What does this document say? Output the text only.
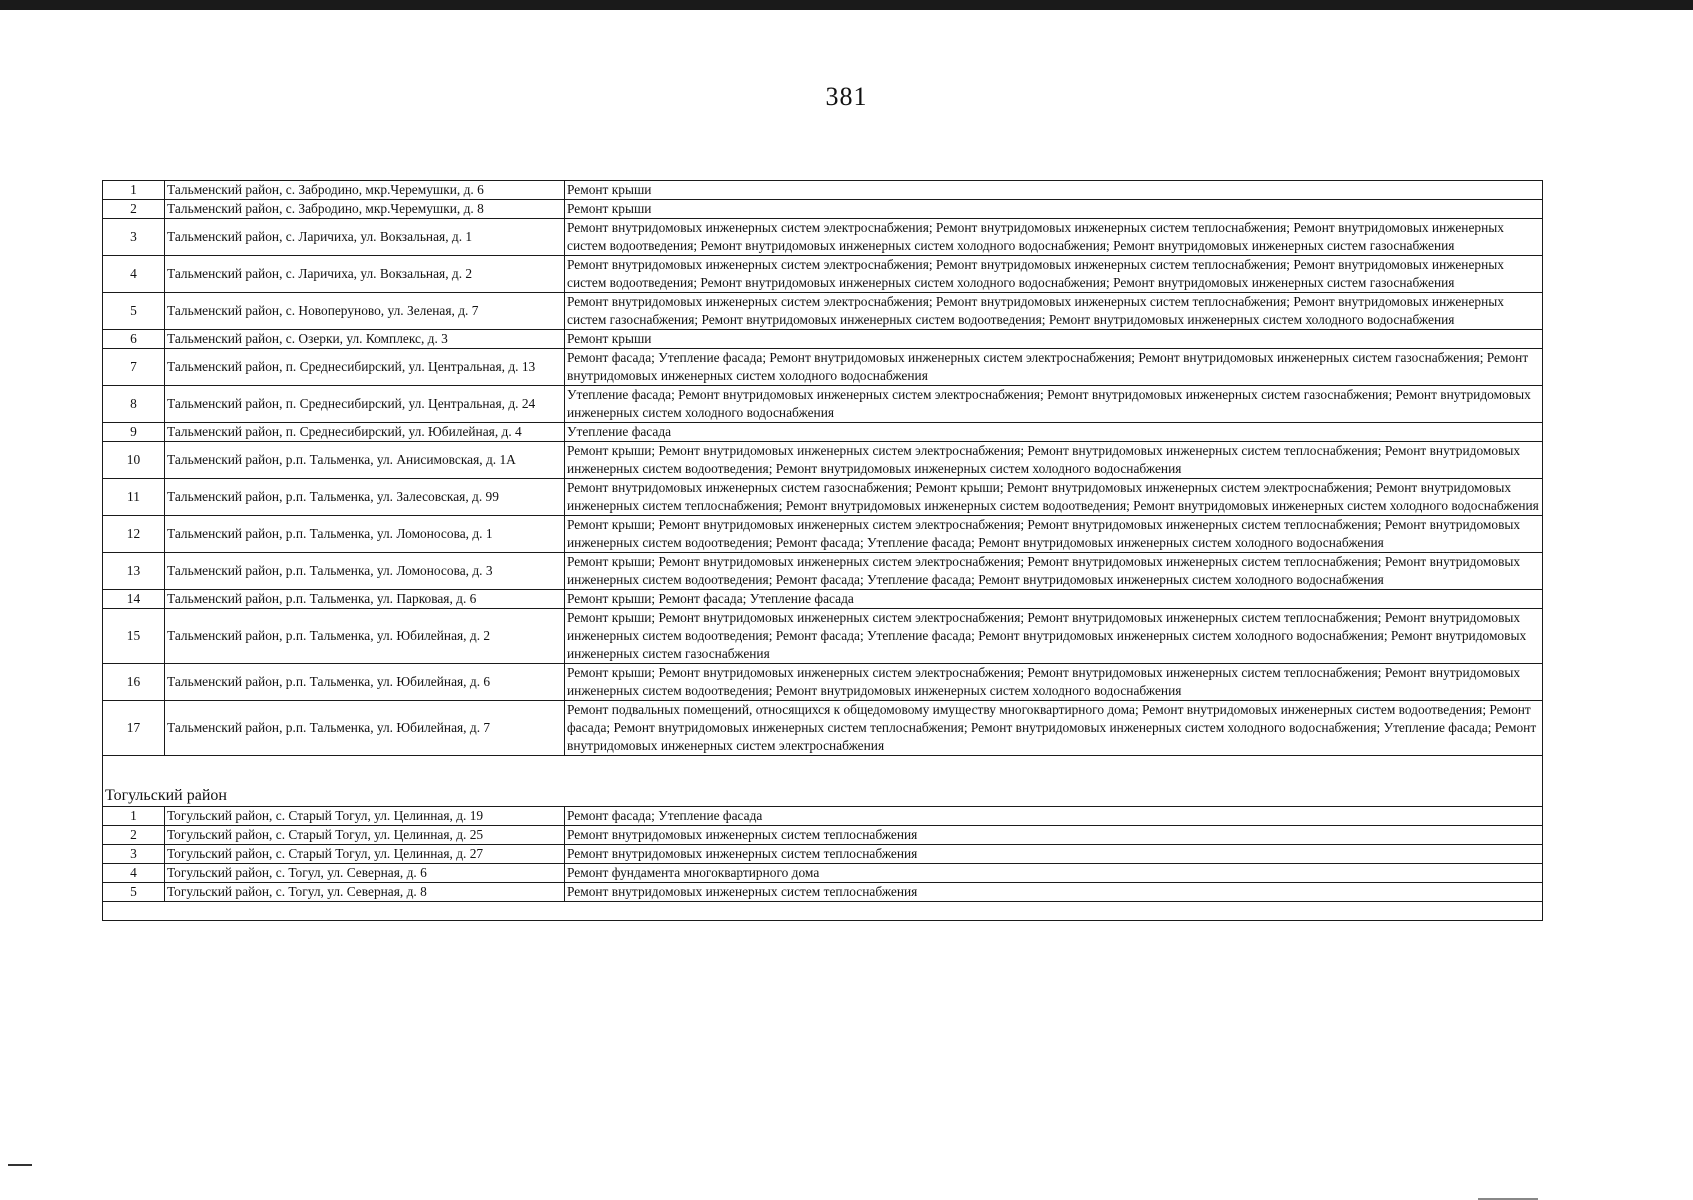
381
1	Тальменский район, с. Забродино, мкр.Черемушки, д. 6	Ремонт крыши
2	Тальменский район, с. Забродино, мкр.Черемушки, д. 8	Ремонт крыши
3	Тальменский район, с. Ларичиха, ул. Вокзальная, д. 1	Ремонт внутридомовых инженерных систем электроснабжения; Ремонт внутридомовых инженерных систем теплоснабжения; Ремонт внутридомовых инженерных систем водоотведения; Ремонт внутридомовых инженерных систем холодного водоснабжения; Ремонт внутридомовых инженерных систем газоснабжения
4	Тальменский район, с. Ларичиха, ул. Вокзальная, д. 2	Ремонт внутридомовых инженерных систем электроснабжения; Ремонт внутридомовых инженерных систем теплоснабжения; Ремонт внутридомовых инженерных систем водоотведения; Ремонт внутридомовых инженерных систем холодного водоснабжения; Ремонт внутридомовых инженерных систем газоснабжения
5	Тальменский район, с. Новоперуново, ул. Зеленая, д. 7	Ремонт внутридомовых инженерных систем электроснабжения; Ремонт внутридомовых инженерных систем теплоснабжения; Ремонт внутридомовых инженерных систем газоснабжения; Ремонт внутридомовых инженерных систем водоотведения; Ремонт внутридомовых инженерных систем холодного водоснабжения
6	Тальменский район, с. Озерки, ул. Комплекс, д. 3	Ремонт крыши
7	Тальменский район, п. Среднесибирский, ул. Центральная, д. 13	Ремонт фасада; Утепление фасада; Ремонт внутридомовых инженерных систем электроснабжения; Ремонт внутридомовых инженерных систем газоснабжения; Ремонт внутридомовых инженерных систем холодного водоснабжения
8	Тальменский район, п. Среднесибирский, ул. Центральная, д. 24	Утепление фасада; Ремонт внутридомовых инженерных систем электроснабжения; Ремонт внутридомовых инженерных систем газоснабжения; Ремонт внутридомовых инженерных систем холодного водоснабжения
9	Тальменский район, п. Среднесибирский, ул. Юбилейная, д. 4	Утепление фасада
10	Тальменский район, р.п. Тальменка, ул. Анисимовская, д. 1А	Ремонт крыши; Ремонт внутридомовых инженерных систем электроснабжения; Ремонт внутридомовых инженерных систем теплоснабжения; Ремонт внутридомовых инженерных систем водоотведения; Ремонт внутридомовых инженерных систем холодного водоснабжения
11	Тальменский район, р.п. Тальменка, ул. Залесовская, д. 99	Ремонт внутридомовых инженерных систем газоснабжения; Ремонт крыши; Ремонт внутридомовых инженерных систем электроснабжения; Ремонт внутридомовых инженерных систем теплоснабжения; Ремонт внутридомовых инженерных систем водоотведения; Ремонт внутридомовых инженерных систем холодного водоснабжения
12	Тальменский район, р.п. Тальменка, ул. Ломоносова, д. 1	Ремонт крыши; Ремонт внутридомовых инженерных систем электроснабжения; Ремонт внутридомовых инженерных систем теплоснабжения; Ремонт внутридомовых инженерных систем водоотведения; Ремонт фасада; Утепление фасада; Ремонт внутридомовых инженерных систем холодного водоснабжения
13	Тальменский район, р.п. Тальменка, ул. Ломоносова, д. 3	Ремонт крыши; Ремонт внутридомовых инженерных систем электроснабжения; Ремонт внутридомовых инженерных систем теплоснабжения; Ремонт внутридомовых инженерных систем водоотведения; Ремонт фасада; Утепление фасада; Ремонт внутридомовых инженерных систем холодного водоснабжения
14	Тальменский район, р.п. Тальменка, ул. Парковая, д. 6	Ремонт крыши; Ремонт фасада; Утепление фасада
15	Тальменский район, р.п. Тальменка, ул. Юбилейная, д. 2	Ремонт крыши; Ремонт внутридомовых инженерных систем электроснабжения; Ремонт внутридомовых инженерных систем теплоснабжения; Ремонт внутридомовых инженерных систем водоотведения; Ремонт фасада; Утепление фасада; Ремонт внутридомовых инженерных систем холодного водоснабжения; Ремонт внутридомовых инженерных систем газоснабжения
16	Тальменский район, р.п. Тальменка, ул. Юбилейная, д. 6	Ремонт крыши; Ремонт внутридомовых инженерных систем электроснабжения; Ремонт внутридомовых инженерных систем теплоснабжения; Ремонт внутридомовых инженерных систем водоотведения; Ремонт внутридомовых инженерных систем холодного водоснабжения
17	Тальменский район, р.п. Тальменка, ул. Юбилейная, д. 7	Ремонт подвальных помещений, относящихся к общедомовому имуществу многоквартирного дома; Ремонт внутридомовых инженерных систем водоотведения; Ремонт фасада; Ремонт внутридомовых инженерных систем теплоснабжения; Ремонт внутридомовых инженерных систем холодного водоснабжения; Утепление фасада; Ремонт внутридомовых инженерных систем электроснабжения

Тогульский район		
1	Тогульский район, с. Старый Тогул, ул. Целинная, д. 19	Ремонт фасада; Утепление фасада
2	Тогульский район, с. Старый Тогул, ул. Целинная, д. 25	Ремонт внутридомовых инженерных систем теплоснабжения
3	Тогульский район, с. Старый Тогул, ул. Целинная, д. 27	Ремонт внутридомовых инженерных систем теплоснабжения
4	Тогульский район, с. Тогул, ул. Северная, д. 6	Ремонт фундамента многоквартирного дома
5	Тогульский район, с. Тогул, ул. Северная, д. 8	Ремонт внутридомовых инженерных систем теплоснабжения
